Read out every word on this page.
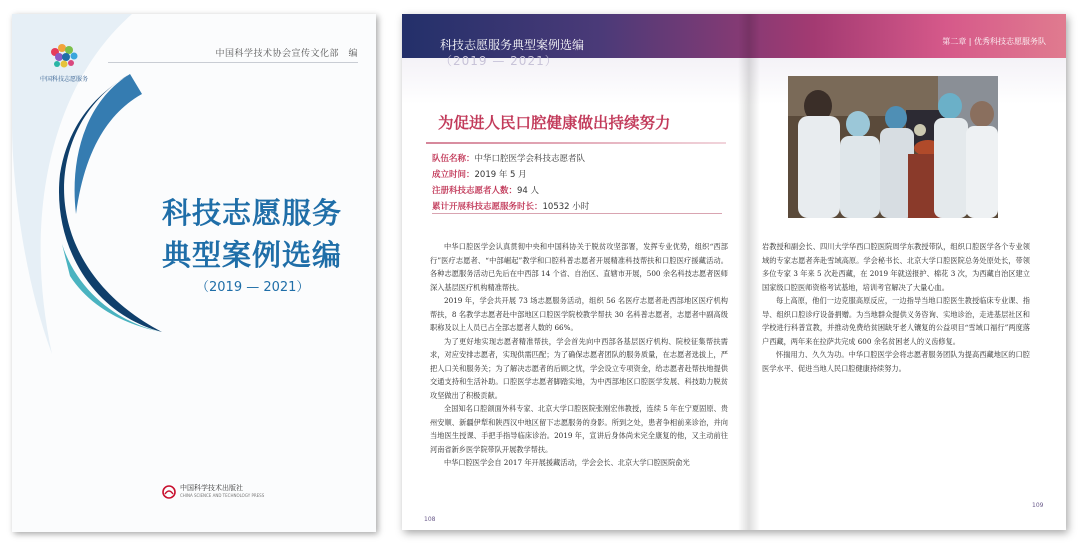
中国科技志愿服务
中国科学技术协会宣传文化部　编
科技志愿服务
典型案例选编
（2019 — 2021）
中国科学技术出版社
CHINA SCIENCE AND TECHNOLOGY PRESS
科技志愿服务典型案例选编
（2019 — 2021）
第二章 | 优秀科技志愿服务队
为促进人民口腔健康做出持续努力
队伍名称：中华口腔医学会科技志愿者队
成立时间：2019 年 5 月
注册科技志愿者人数：94 人
累计开展科技志愿服务时长：10532 小时

中华口腔医学会认真贯彻中央和中国科协关于脱贫攻坚部署，发挥专业优势，组织“西部行”医疗志愿者、“中部崛起”教学和口腔科普志愿者开展精准科技帮扶和口腔医疗援藏活动。各种志愿服务活动已先后在中西部 14 个省、自治区、直辖市开展，500 余名科技志愿者医师深入基层医疗机构精准帮扶。

2019 年，学会共开展 73 场志愿服务活动，组织 56 名医疗志愿者赴西部地区医疗机构帮扶，8 名教学志愿者赴中部地区口腔医学院校教学帮扶 30 名科普志愿者，志愿者中副高级职称及以上人员已占全部志愿者人数的 66%。

为了更好地实现志愿者精准帮扶，学会首先向中西部各基层医疗机构、院校征集帮扶需求，对应安排志愿者，实现供需匹配；为了确保志愿者团队的服务质量，在志愿者选拔上，严把人口关和服务关；为了解决志愿者的后顾之忧，学会设立专项资金，给志愿者赴帮扶地提供交通支持和生活补助。口腔医学志愿者脚踏实地，为中西部地区口腔医学发展、科技助力脱贫攻坚做出了积极贡献。

全国知名口腔颌面外科专家、北京大学口腔医院张刚宏伟教授，连续 5 年在宁夏固原、贵州安顺、新疆伊犁和陕西汉中地区留下志愿服务的身影。所到之处，患者争相前来诊治，并向当地医生授课、手把手指导临床诊治。2019 年，宣讲后身体尚未完全康复的他，又主动前往河南省新乡医学院带队开展教学帮扶。

中华口腔医学会自 2017 年开展援藏活动，学会会长、北京大学口腔医院俞光

岩教授和副会长、四川大学华西口腔医院周学东教授带队，组织口腔医学各个专业领域的专家志愿者奔赴雪域高原。学会秘书长、北京大学口腔医院总务处原处长，带领多位专家 3 年来 5 次赴西藏，在 2019 年就送报护、棉花 3 次，为西藏自治区建立国家级口腔医师资格考试基地，培训考官解决了大量心血。

每上高原，他们一边克服高原反应，一边指导当地口腔医生教授临床专业课、指导、组织口腔诊疗设备捐赠。为当地群众提供义务咨询、实地诊治，走进基层社区和学校进行科普宣教，并推动免费给贫困缺牙老人镶复的公益项目“雪域口福行”两度落户西藏，两年来在拉萨共完成 600 余名贫困老人的义齿修复。

怀揣用力、久久为功。中华口腔医学会将志愿者服务团队为提高西藏地区的口腔医学水平、促进当地人民口腔健康持续努力。

108
109
